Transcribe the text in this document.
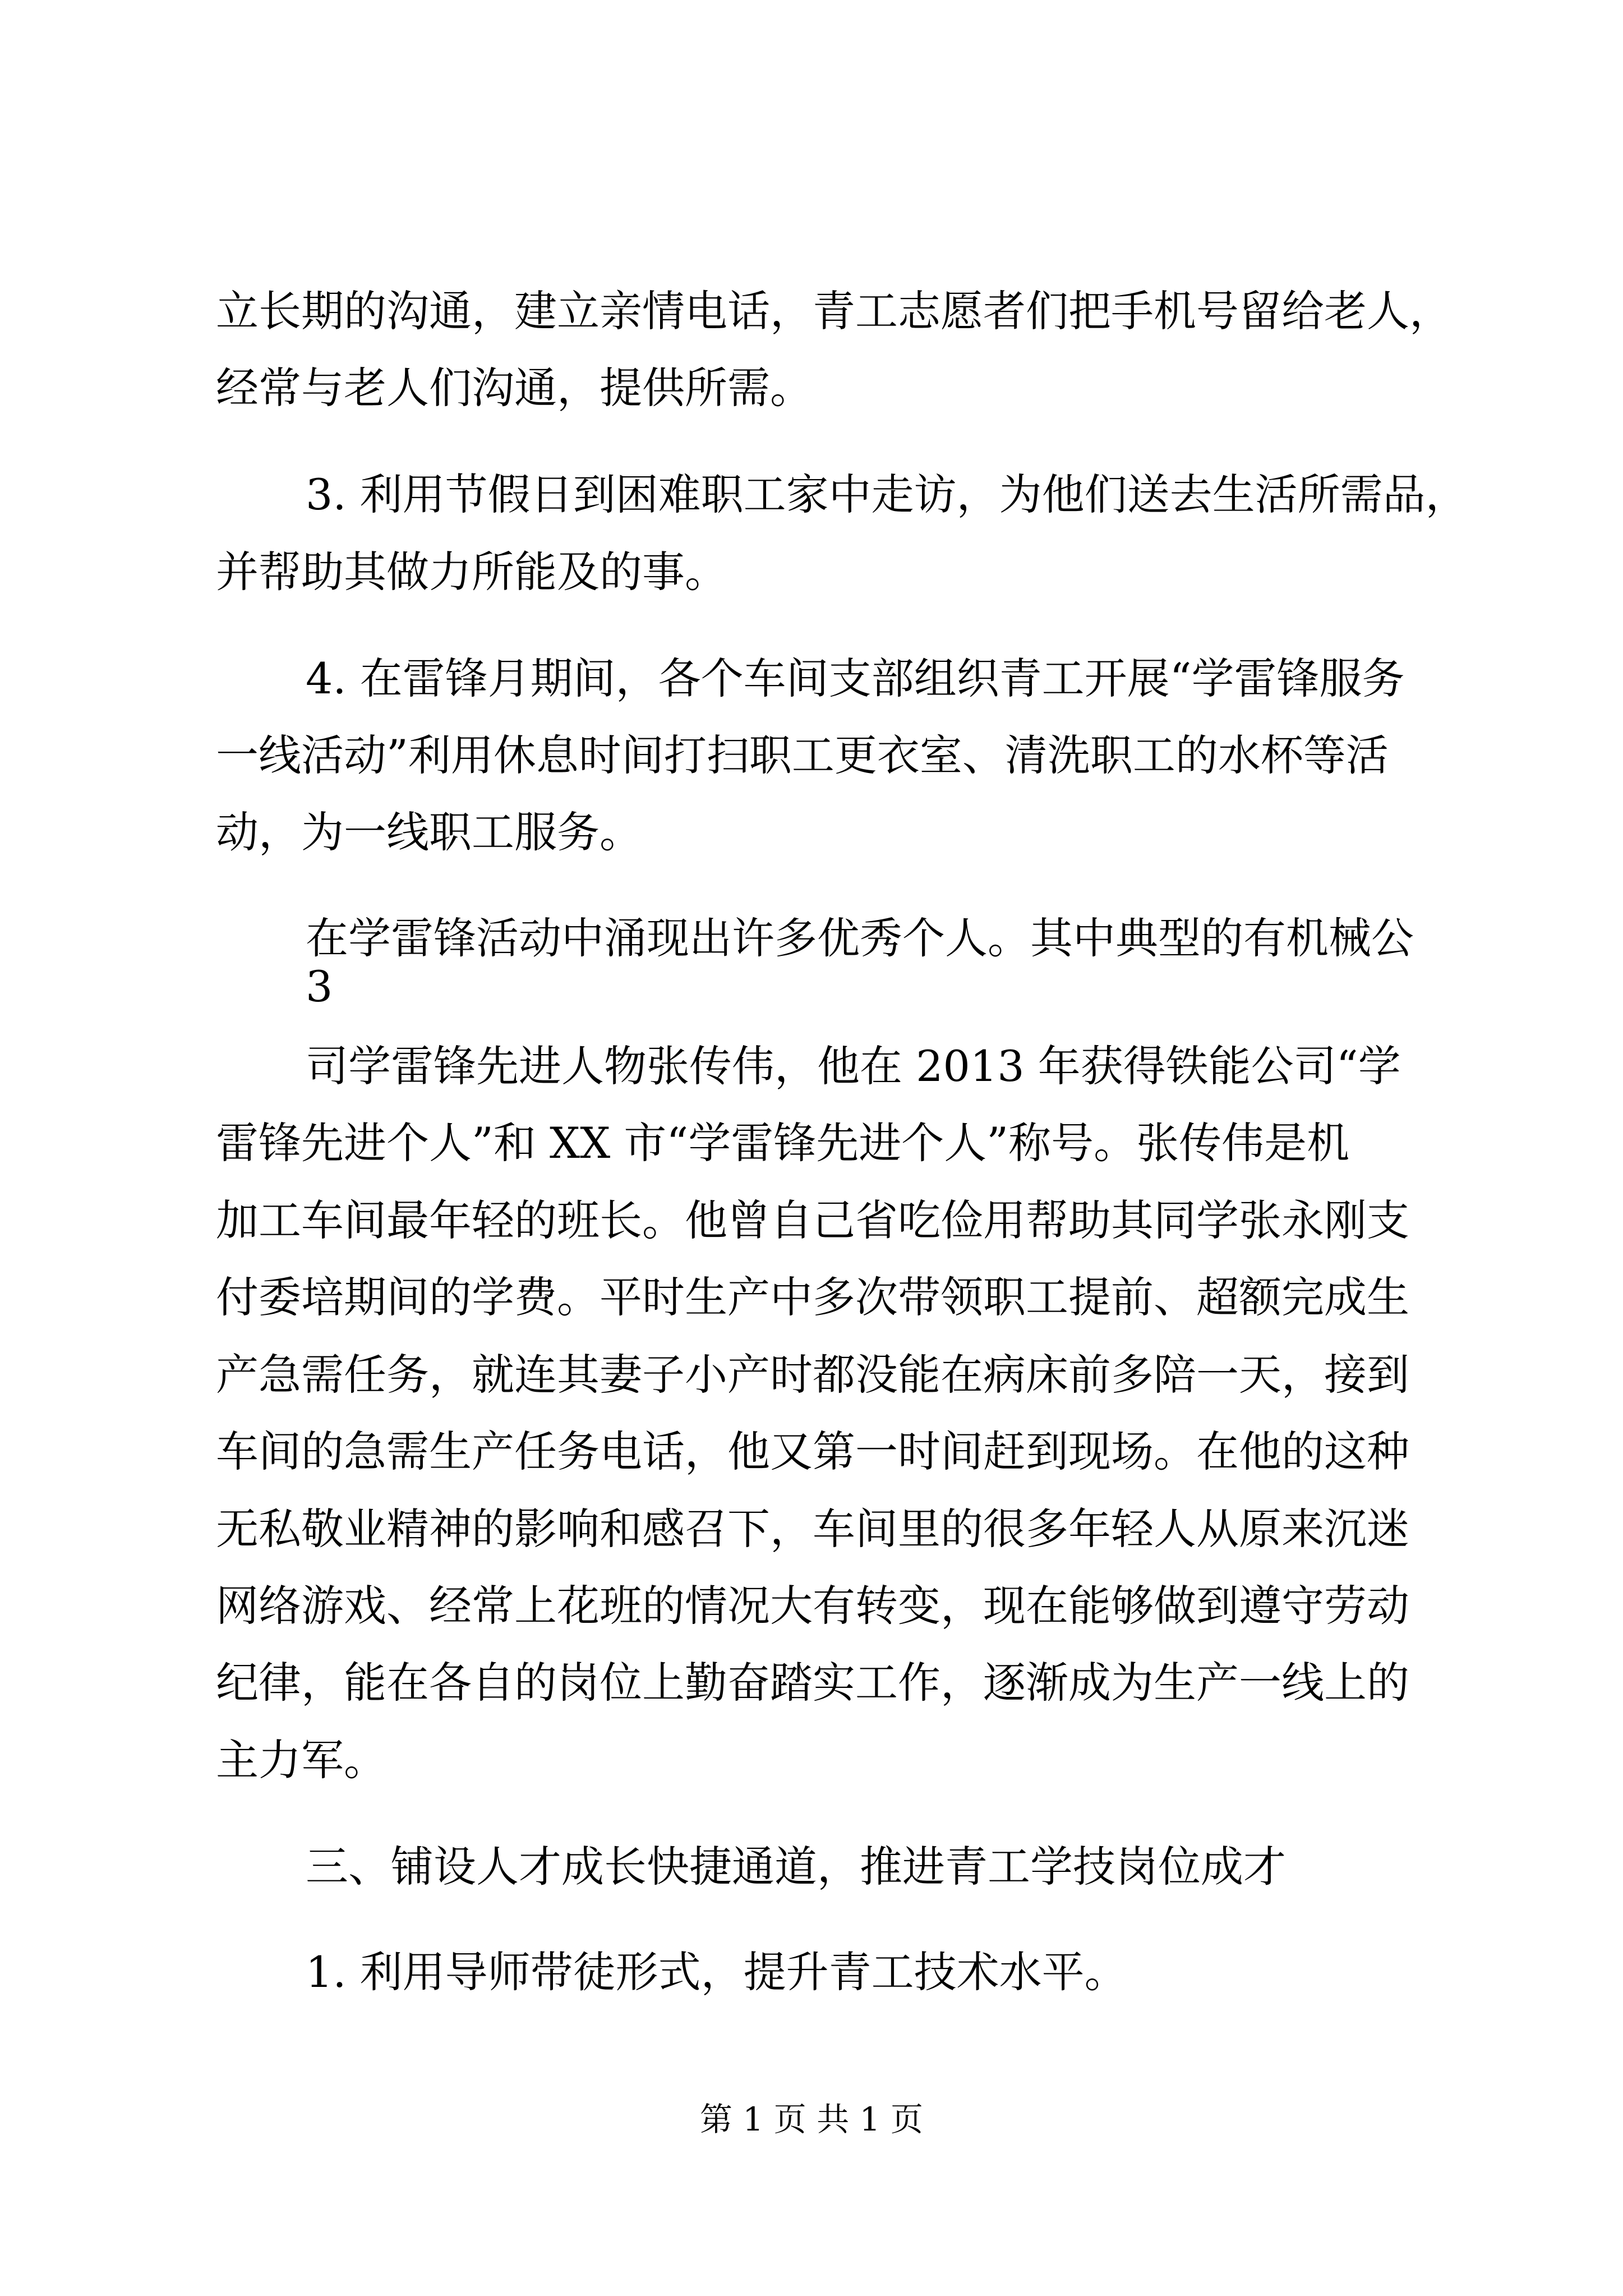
立长期的沟通，建立亲情电话，青工志愿者们把手机号留给老人，

经常与老人们沟通，提供所需。

3. 利用节假日到困难职工家中走访，为他们送去生活所需品，

并帮助其做力所能及的事。

4. 在雷锋月期间，各个车间支部组织青工开展“学雷锋服务

一线活动”利用休息时间打扫职工更衣室、清洗职工的水杯等活

动，为一线职工服务。

在学雷锋活动中涌现出许多优秀个人。其中典型的有机械公

3

司学雷锋先进人物张传伟，他在 2013 年获得铁能公司“学

雷锋先进个人”和 XX 市“学雷锋先进个人”称号。张传伟是机

加工车间最年轻的班长。他曾自己省吃俭用帮助其同学张永刚支

付委培期间的学费。平时生产中多次带领职工提前、超额完成生

产急需任务，就连其妻子小产时都没能在病床前多陪一天，接到

车间的急需生产任务电话，他又第一时间赶到现场。在他的这种

无私敬业精神的影响和感召下，车间里的很多年轻人从原来沉迷

网络游戏、经常上花班的情况大有转变，现在能够做到遵守劳动

纪律，能在各自的岗位上勤奋踏实工作，逐渐成为生产一线上的

主力军。

三、铺设人才成长快捷通道，推进青工学技岗位成才

1. 利用导师带徒形式，提升青工技术水平。

第 1 页 共 1 页
